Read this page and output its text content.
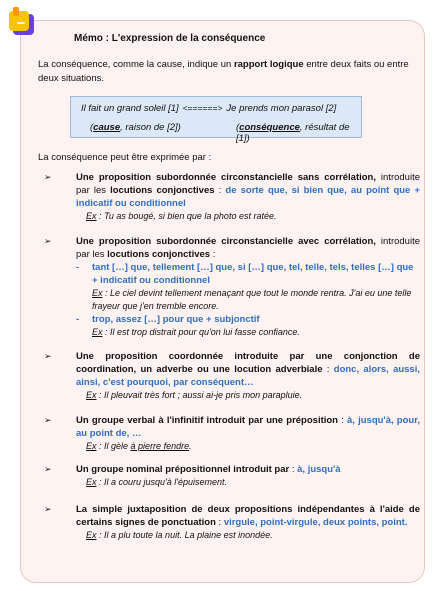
Mémo : L'expression de la conséquence

La conséquence, comme la cause, indique un rapport logique entre deux faits ou entre deux situations.

Il fait un grand soleil [1] <======> Je prends mon parasol [2]
(cause, raison de [2])	(conséquence, résultat de [1])

La conséquence peut être exprimée par :

➢	Une proposition subordonnée circonstancielle sans corrélation, introduite par les locutions conjonctives : de sorte que, si bien que, au point que + indicatif ou conditionnel
Ex : Tu as bougé, si bien que la photo est ratée.
➢	Une proposition subordonnée circonstancielle avec corrélation, introduite par les locutions conjonctives :
- tant […] que, tellement […] que, si […] que, tel, telle, tels, telles […] que + indicatif ou conditionnel
Ex : Le ciel devint tellement menaçant que tout le monde rentra. J'ai eu une telle frayeur que j'en tremble encore.
- trop, assez […] pour que + subjonctif
Ex : Il est trop distrait pour qu'on lui fasse confiance.
➢	Une proposition coordonnée introduite par une conjonction de coordination, un adverbe ou une locution adverbiale : donc, alors, aussi, ainsi, c'est pourquoi, par conséquent…
Ex : Il pleuvait très fort ; aussi ai-je pris mon parapluie.
➢	Un groupe verbal à l'infinitif introduit par une préposition : à, jusqu'à, pour, au point de, …
Ex : Il gèle à pierre fendre.
➢	Un groupe nominal prépositionnel introduit par : à, jusqu'à
Ex : Il a couru jusqu'à l'épuisement.
➢	La simple juxtaposition de deux propositions indépendantes à l'aide de certains signes de ponctuation : virgule, point-virgule, deux points, point.
Ex : Il a plu toute la nuit. La plaine est inondée.
